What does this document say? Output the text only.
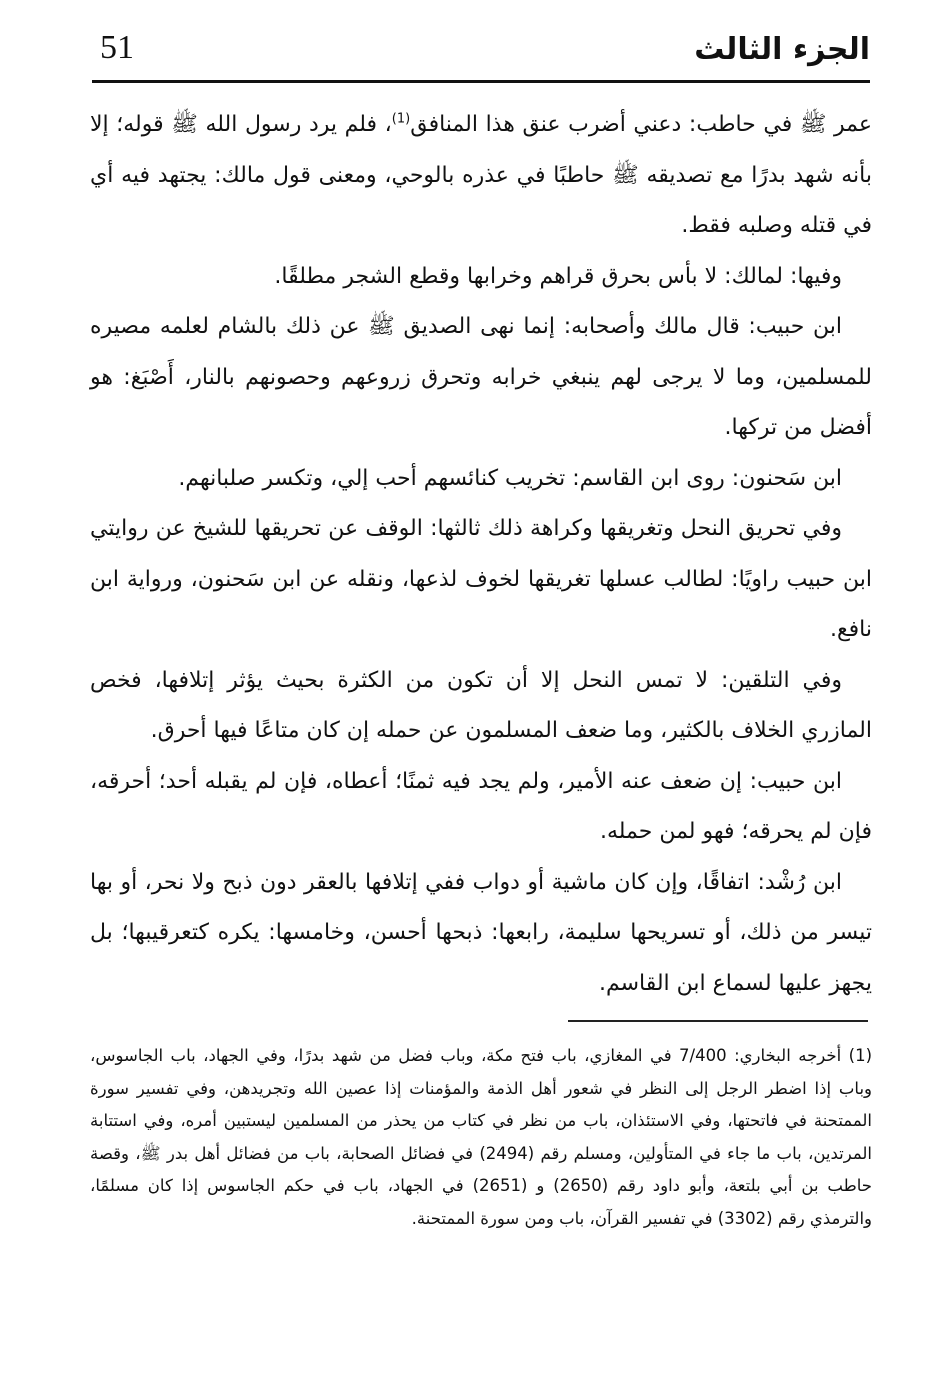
51	الجزء الثالث

عمر ﷺ في حاطب: دعني أضرب عنق هذا المنافق$^{(1)}$، فلم يرد رسول الله ﷺ قوله؛ إلا بأنه شهد بدرًا مع تصديقه ﷺ حاطبًا في عذره بالوحي، ومعنى قول مالك: يجتهد فيه أي في قتله وصلبه فقط.

وفيها: لمالك: لا بأس بحرق قراهم وخرابها وقطع الشجر مطلقًا.

ابن حبيب: قال مالك وأصحابه: إنما نهى الصديق ﷺ عن ذلك بالشام لعلمه مصيره للمسلمين، وما لا يرجى لهم ينبغي خرابه وتحرق زروعهم وحصونهم بالنار، أَصْبَغ: هو أفضل من تركها.

ابن سَحنون: روى ابن القاسم: تخريب كنائسهم أحب إلي، وتكسر صلبانهم.

وفي تحريق النحل وتغريقها وكراهة ذلك ثالثها: الوقف عن تحريقها للشيخ عن روايتي ابن حبيب راويًا: لطالب عسلها تغريقها لخوف لذعها، ونقله عن ابن سَحنون، ورواية ابن نافع.

وفي التلقين: لا تمس النحل إلا أن تكون من الكثرة بحيث يؤثر إتلافها، فخص المازري الخلاف بالكثير، وما ضعف المسلمون عن حمله إن كان متاعًا فيها أحرق.

ابن حبيب: إن ضعف عنه الأمير، ولم يجد فيه ثمنًا؛ أعطاه، فإن لم يقبله أحد؛ أحرقه، فإن لم يحرقه؛ فهو لمن حمله.

ابن رُشْد: اتفاقًا، وإن كان ماشية أو دواب ففي إتلافها بالعقر دون ذبح ولا نحر، أو بها تيسر من ذلك، أو تسريحها سليمة، رابعها: ذبحها أحسن، وخامسها: يكره كتعرقيبها؛ بل يجهز عليها لسماع ابن القاسم.

(1) أخرجه البخاري: 7/400 في المغازي، باب فتح مكة، وباب فضل من شهد بدرًا، وفي الجهاد، باب الجاسوس، وباب إذا اضطر الرجل إلى النظر في شعور أهل الذمة والمؤمنات إذا عصين الله وتجريدهن، وفي تفسير سورة الممتحنة في فاتحتها، وفي الاستئذان، باب من نظر في كتاب من يحذر من المسلمين ليستبين أمره، وفي استتابة المرتدين، باب ما جاء في المتأولين، ومسلم رقم (2494) في فضائل الصحابة، باب من فضائل أهل بدر ﷺ، وقصة حاطب بن أبي بلتعة، وأبو داود رقم (2650) و (2651) في الجهاد، باب في حكم الجاسوس إذا كان مسلمًا، والترمذي رقم (3302) في تفسير القرآن، باب ومن سورة الممتحنة.
